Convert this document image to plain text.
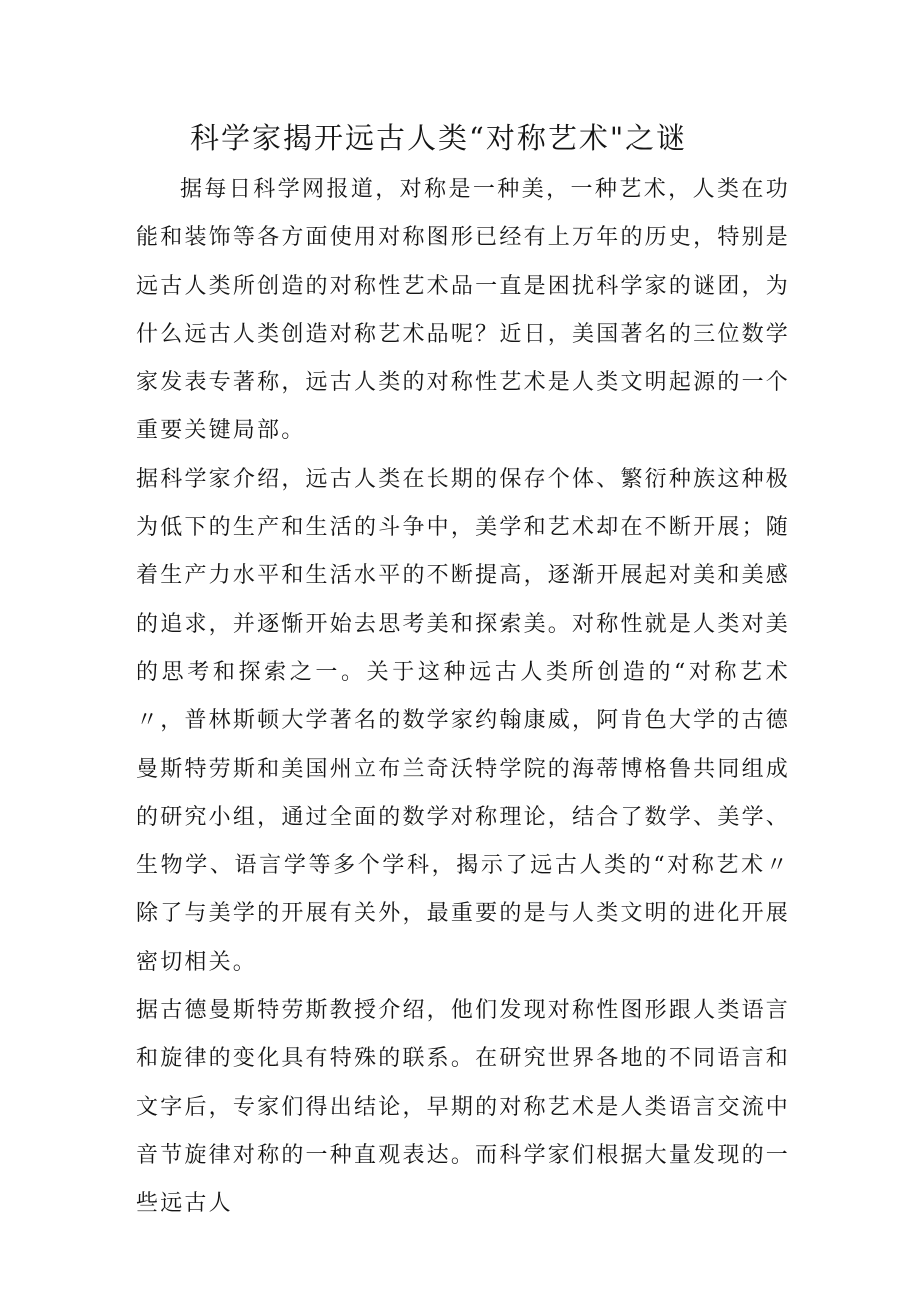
科学家揭开远古人类“对称艺术"之谜

据每日科学网报道，对称是一种美，一种艺术，人类在功能和装饰等各方面使用对称图形已经有上万年的历史，特别是远古人类所创造的对称性艺术品一直是困扰科学家的谜团，为什么远古人类创造对称艺术品呢？近日，美国著名的三位数学家发表专著称，远古人类的对称性艺术是人类文明起源的一个重要关键局部。

据科学家介绍，远古人类在长期的保存个体、繁衍种族这种极为低下的生产和生活的斗争中，美学和艺术却在不断开展；随着生产力水平和生活水平的不断提高，逐渐开展起对美和美感的追求，并逐惭开始去思考美和探索美。对称性就是人类对美的思考和探索之一。关于这种远古人类所创造的“对称艺术〃，普林斯顿大学著名的数学家约翰康威，阿肯色大学的古德曼斯特劳斯和美国州立布兰奇沃特学院的海蒂博格鲁共同组成的研究小组，通过全面的数学对称理论，结合了数学、美学、生物学、语言学等多个学科，揭示了远古人类的“对称艺术〃除了与美学的开展有关外，最重要的是与人类文明的进化开展密切相关。

据古德曼斯特劳斯教授介绍，他们发现对称性图形跟人类语言和旋律的变化具有特殊的联系。在研究世界各地的不同语言和文字后，专家们得出结论，早期的对称艺术是人类语言交流中音节旋律对称的一种直观表达。而科学家们根据大量发现的一些远古人
